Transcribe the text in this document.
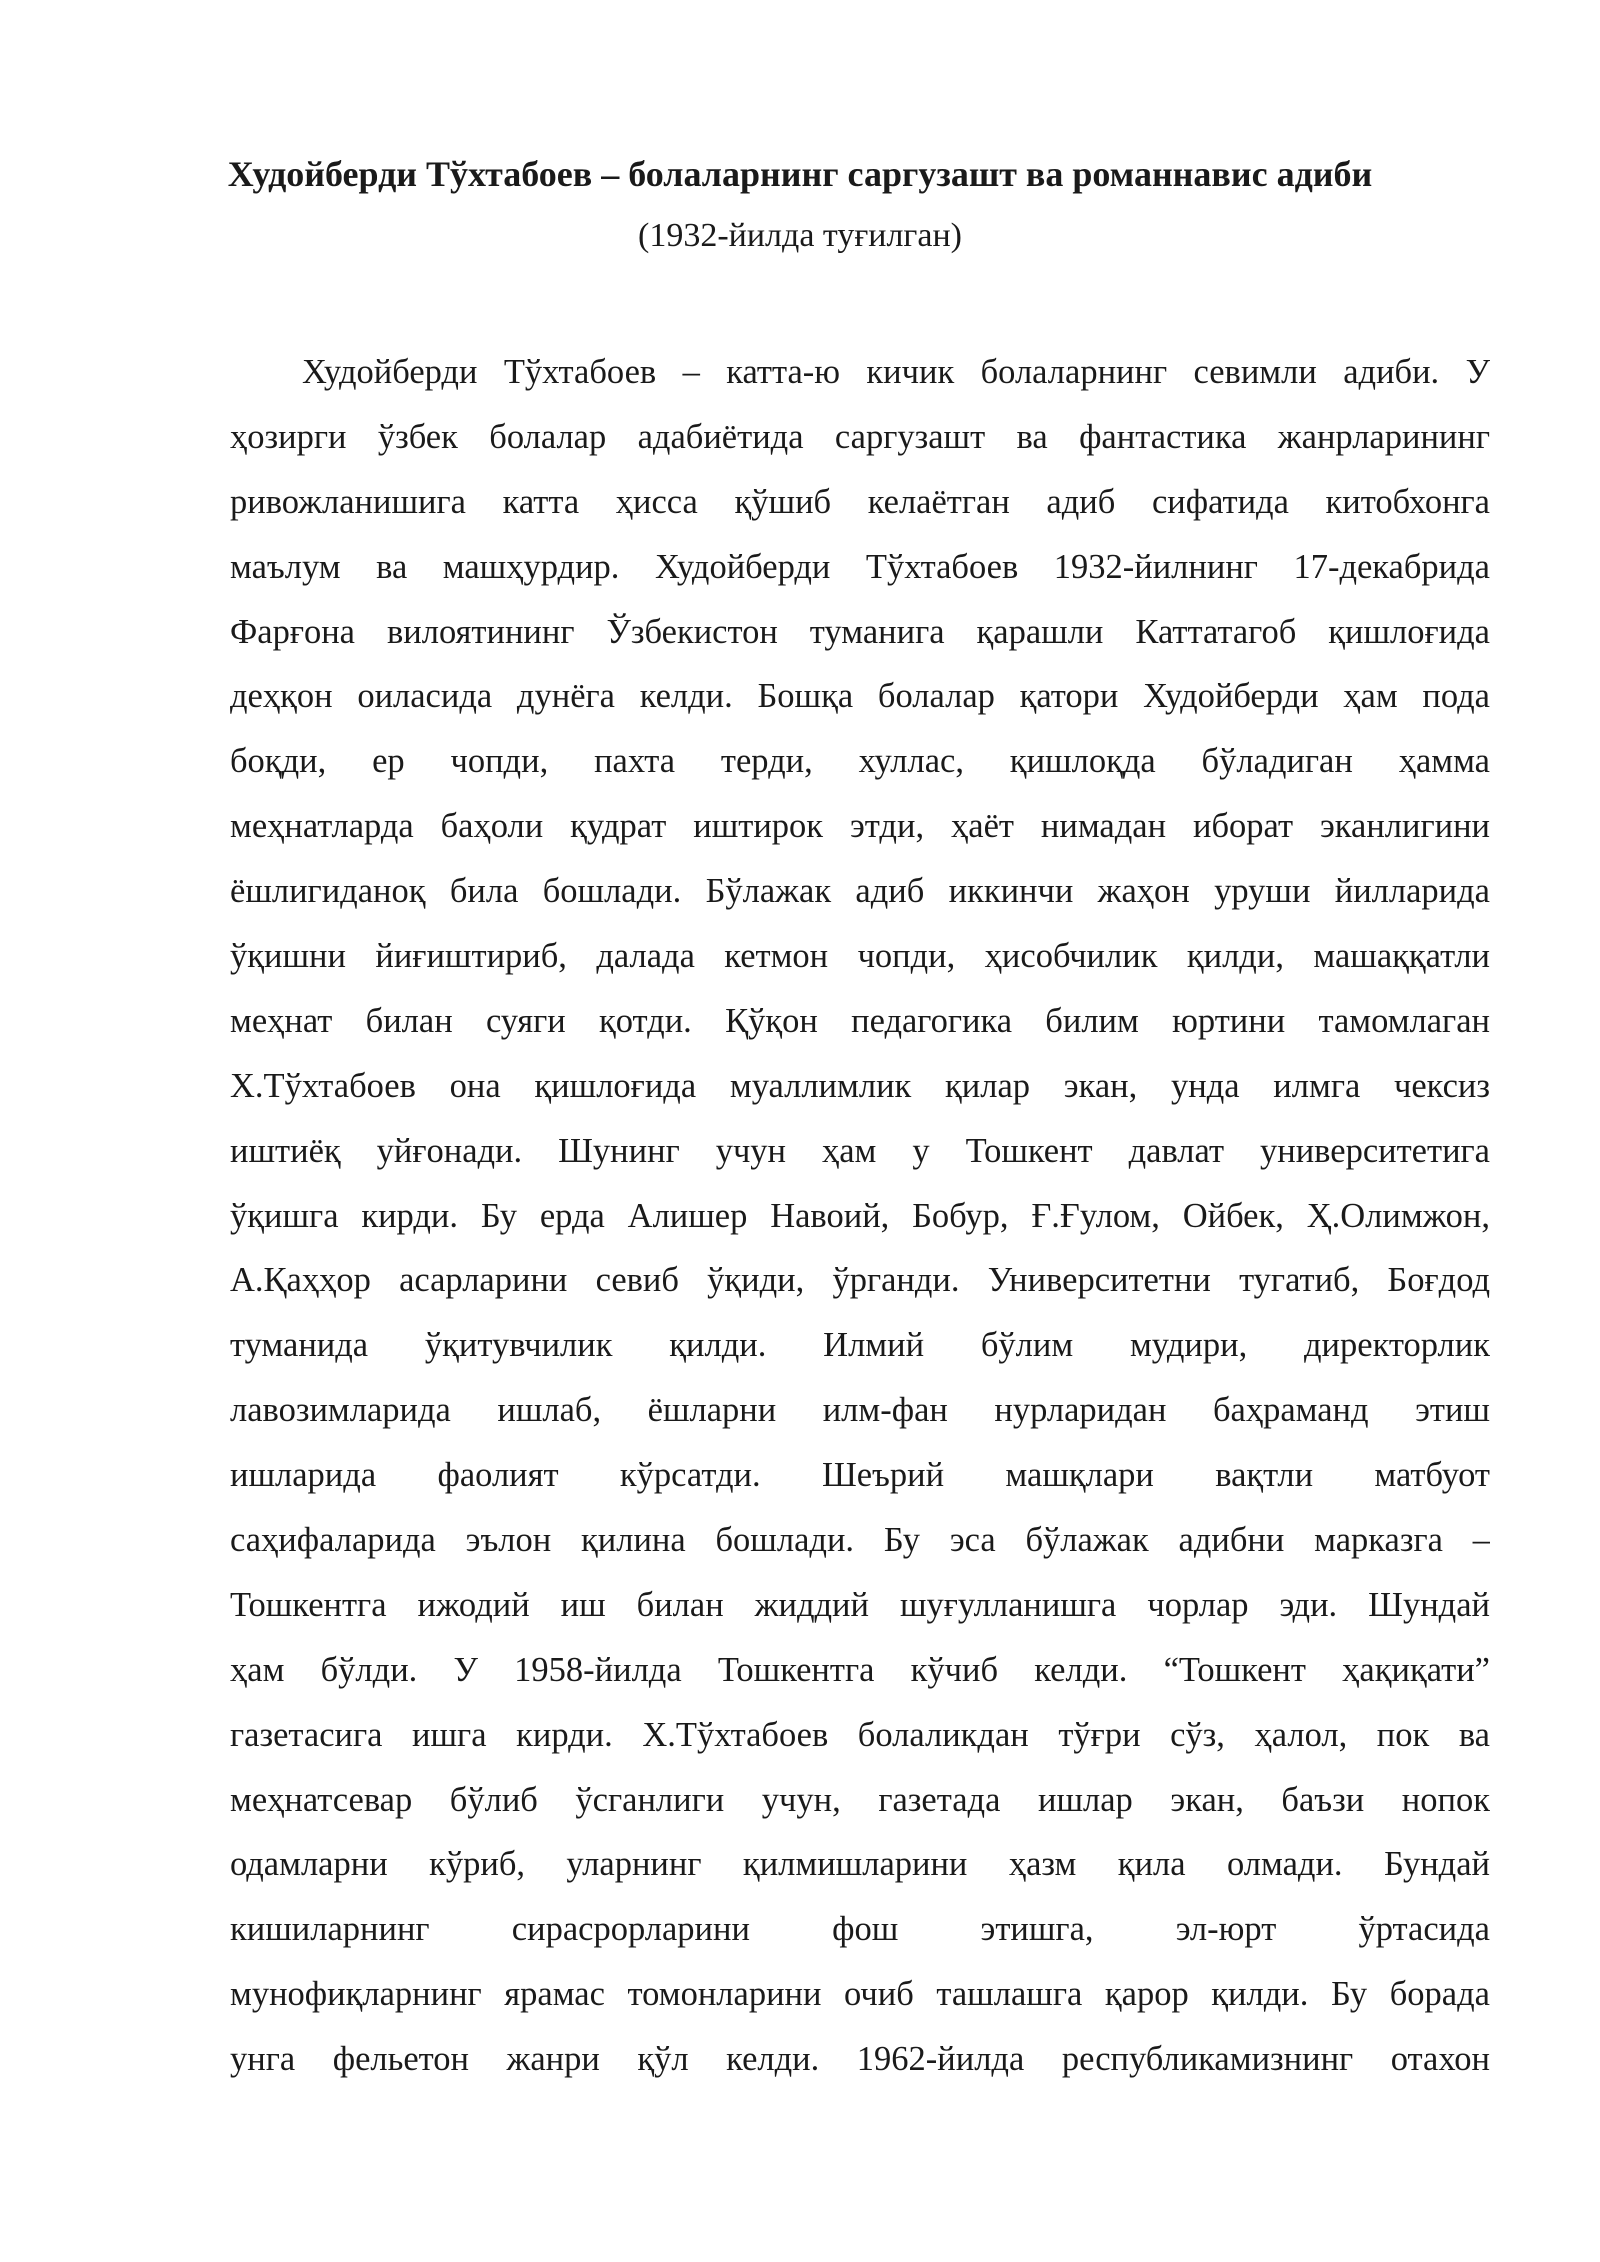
Худойберди Тўхтабоев – болаларнинг саргузашт ва романнавис адиби

(1932-йилда туғилган)

Худойберди Тўхтабоев – катта-ю кичик болаларнинг севимли адиби. У
ҳозирги ўзбек болалар адабиётида саргузашт ва фантастика жанрларининг
ривожланишига катта ҳисса қўшиб келаётган адиб сифатида китобхонга
маълум ва машҳурдир. Худойберди Тўхтабоев 1932-йилнинг 17-декабрида
Фарғона вилоятининг Ўзбекистон туманига қарашли Каттатагоб қишлоғида
деҳқон оиласида дунёга келди. Бошқа болалар қатори Худойберди ҳам пода
боқди, ер чопди, пахта терди, хуллас, қишлоқда бўладиган ҳамма
меҳнатларда баҳоли қудрат иштирок этди, ҳаёт нимадан иборат эканлигини
ёшлигиданоқ била бошлади. Бўлажак адиб иккинчи жаҳон уруши йилларида
ўқишни йиғиштириб, далада кетмон чопди, ҳисобчилик қилди, машаққатли
меҳнат билан суяги қотди. Қўқон педагогика билим юртини тамомлаган
Х.Тўхтабоев она қишлоғида муаллимлик қилар экан, унда илмга чексиз
иштиёқ уйғонади. Шунинг учун ҳам у Тошкент давлат университетига
ўқишга кирди. Бу ерда Алишер Навоий, Бобур, Ғ.Ғулом, Ойбек, Ҳ.Олимжон,
А.Қаҳҳор асарларини севиб ўқиди, ўрганди. Университетни тугатиб, Боғдод
туманида ўқитувчилик қилди. Илмий бўлим мудири, директорлик
лавозимларида ишлаб, ёшларни илм-фан нурларидан баҳраманд этиш
ишларида фаолият кўрсатди. Шеърий машқлари вақтли матбуот
саҳифаларида эълон қилина бошлади. Бу эса бўлажак адибни марказга –
Тошкентга ижодий иш билан жиддий шуғулланишга чорлар эди. Шундай
ҳам бўлди. У 1958-йилда Тошкентга кўчиб келди. “Тошкент ҳақиқати”
газетасига ишга кирди. Х.Тўхтабоев болаликдан тўғри сўз, ҳалол, пок ва
меҳнатсевар бўлиб ўсганлиги учун, газетада ишлар экан, баъзи нопок
одамларни кўриб, уларнинг қилмишларини ҳазм қила олмади. Бундай
кишиларнинг сирасрорларини фош этишга, эл-юрт ўртасида
мунофиқларнинг ярамас томонларини очиб ташлашга қарор қилди. Бу борада
унга фельетон жанри қўл келди. 1962-йилда республикамизнинг отахон
